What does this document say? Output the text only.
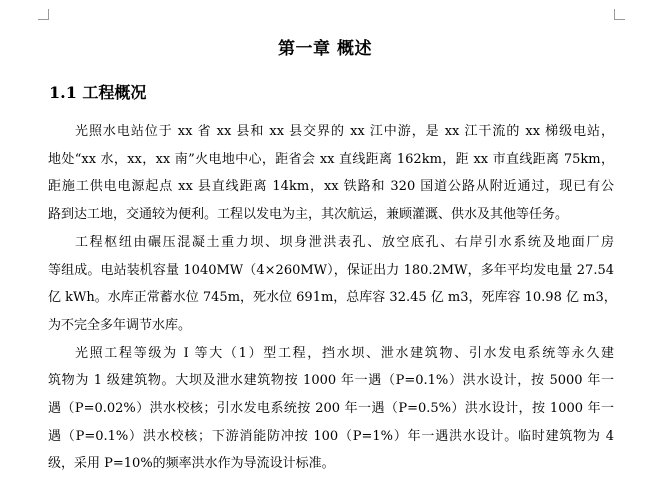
第一章 概述
1.1 工程概况

光照水电站位于 xx 省 xx 县和 xx 县交界的 xx 江中游，是 xx 江干流的 xx 梯级电站，
地处“xx 水，xx，xx 南”火电地中心，距省会 xx 直线距离 162km，距 xx 市直线距离 75km，
距施工供电电源起点 xx 县直线距离 14km，xx 铁路和 320 国道公路从附近通过，现已有公
路到达工地，交通较为便利。工程以发电为主，其次航运，兼顾灌溉、供水及其他等任务。

工程枢纽由碾压混凝土重力坝、坝身泄洪表孔、放空底孔、右岸引水系统及地面厂房
等组成。电站装机容量 1040MW（4×260MW），保证出力 180.2MW，多年平均发电量 27.54
亿 kWh。水库正常蓄水位 745m，死水位 691m，总库容 32.45 亿 m3，死库容 10.98 亿 m3，
为不完全多年调节水库。

光照工程等级为 I 等大（1）型工程，挡水坝、泄水建筑物、引水发电系统等永久建
筑物为 1 级建筑物。大坝及泄水建筑物按 1000 年一遇（P=0.1%）洪水设计，按 5000 年一
遇（P=0.02%）洪水校核；引水发电系统按 200 年一遇（P=0.5%）洪水设计，按 1000 年一
遇（P=0.1%）洪水校核；下游消能防冲按 100（P=1%）年一遇洪水设计。临时建筑物为 4
级，采用 P=10%的频率洪水作为导流设计标准。
